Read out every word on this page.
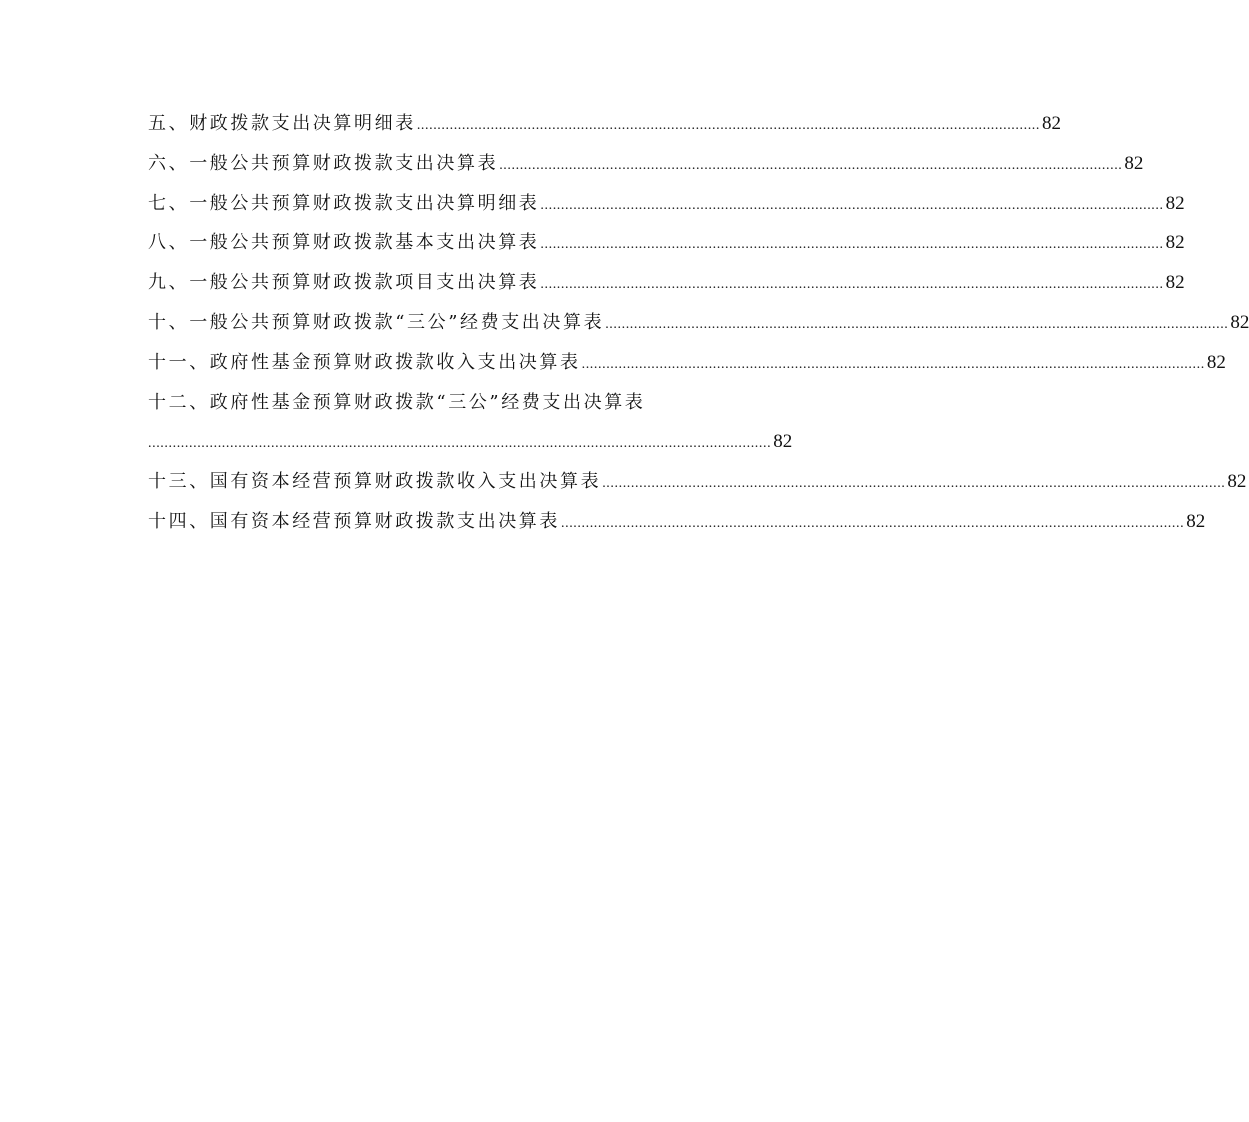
五、财政拨款支出决算明细表 ........................................................................................................................................................ 82
六、一般公共预算财政拨款支出决算表 ........................................................................................................................................................ 82
七、一般公共预算财政拨款支出决算明细表 ........................................................................................................................................................ 82
八、一般公共预算财政拨款基本支出决算表 ........................................................................................................................................................ 82
九、一般公共预算财政拨款项目支出决算表 ........................................................................................................................................................ 82
十、一般公共预算财政拨款“三公”经费支出决算表 ........................................................................................................................................................ 82
十一、政府性基金预算财政拨款收入支出决算表 ........................................................................................................................................................ 82
十二、政府性基金预算财政拨款“三公”经费支出决算表
........................................................................................................................................................ 82
十三、国有资本经营预算财政拨款收入支出决算表 ........................................................................................................................................................ 82
十四、国有资本经营预算财政拨款支出决算表 ........................................................................................................................................................ 82
